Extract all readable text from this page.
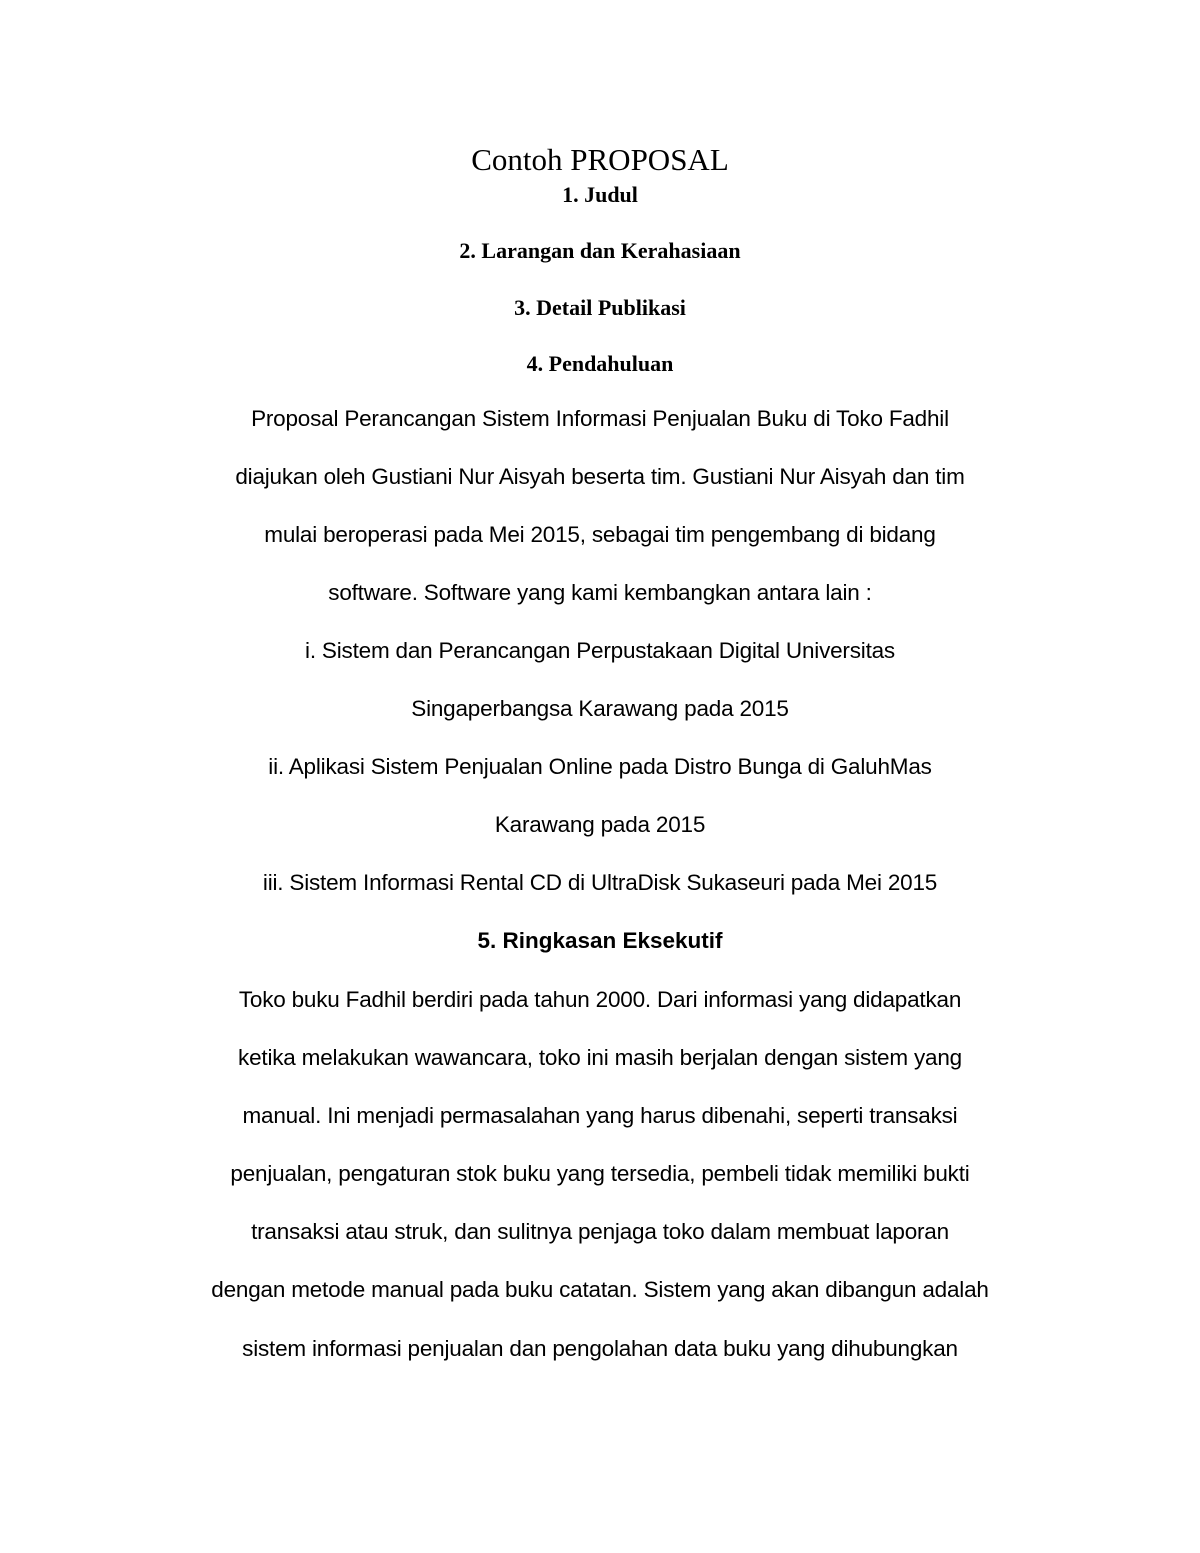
Contoh PROPOSAL
1. Judul
2. Larangan dan Kerahasiaan
3. Detail Publikasi
4. Pendahuluan
Proposal Perancangan Sistem Informasi Penjualan Buku di Toko Fadhil
diajukan oleh Gustiani Nur Aisyah beserta tim. Gustiani Nur Aisyah dan tim
mulai beroperasi pada Mei 2015, sebagai tim pengembang di bidang
software. Software yang kami kembangkan antara lain :
i. Sistem dan Perancangan Perpustakaan Digital Universitas
Singaperbangsa Karawang pada 2015
ii. Aplikasi Sistem Penjualan Online pada Distro Bunga di GaluhMas
Karawang pada 2015
iii. Sistem Informasi Rental CD di UltraDisk Sukaseuri pada Mei 2015
5. Ringkasan Eksekutif
Toko buku Fadhil berdiri pada tahun 2000. Dari informasi yang didapatkan
ketika melakukan wawancara, toko ini masih berjalan dengan sistem yang
manual. Ini menjadi permasalahan yang harus dibenahi, seperti transaksi
penjualan, pengaturan stok buku yang tersedia, pembeli tidak memiliki bukti
transaksi atau struk, dan sulitnya penjaga toko dalam membuat laporan
dengan metode manual pada buku catatan. Sistem yang akan dibangun adalah
sistem informasi penjualan dan pengolahan data buku yang dihubungkan
